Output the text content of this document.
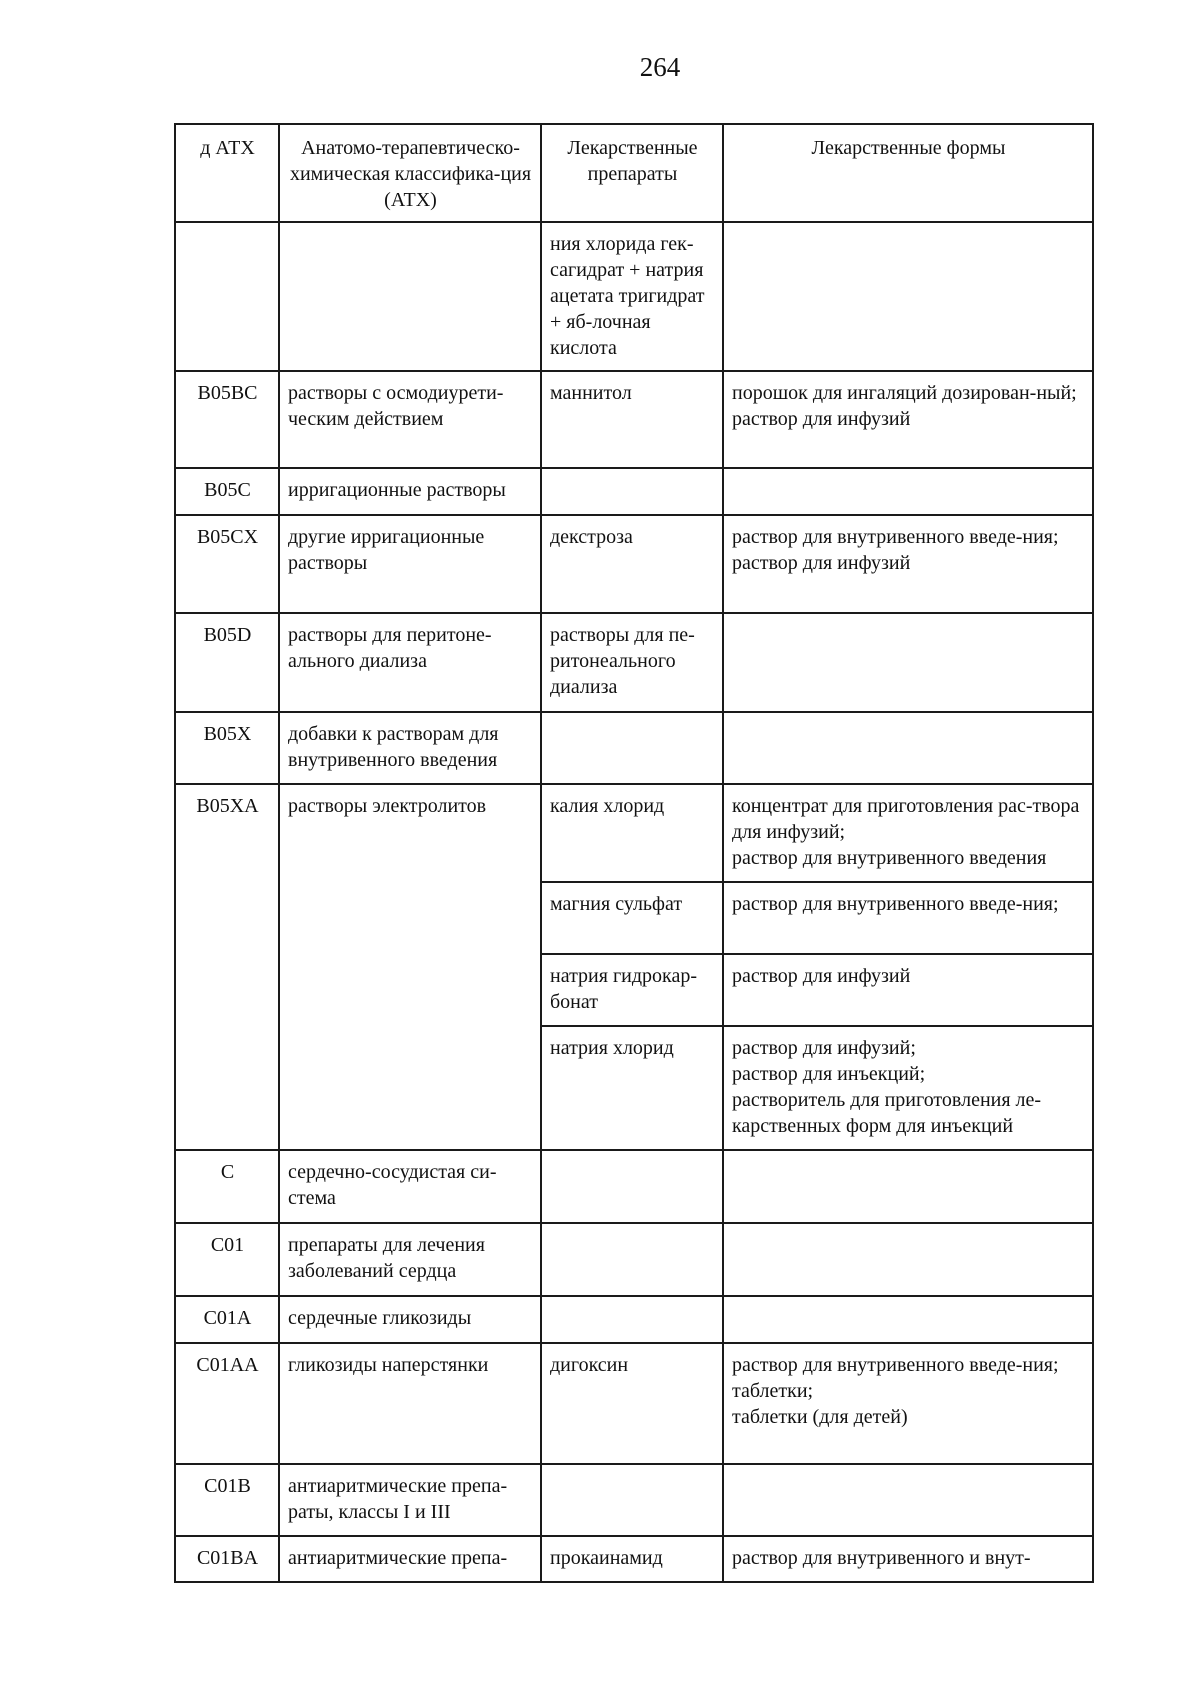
264
д АТХ	Анатомо-терапевтическо-химическая классифика-ция (АТХ)	Лекарственные препараты	Лекарственные формы
		ния хлорида гек-сагидрат + натрия ацетата тригидрат + яб-лочная кислота	
B05BC	растворы с осмодиурети-ческим действием	маннитол	порошок для ингаляций дозирован-ный;
раствор для инфузий

B05C	ирригационные растворы		
B05CX	другие ирригационные растворы	декстроза	раствор для внутривенного введе-ния;
раствор для инфузий

B05D	растворы для перитоне-ального диализа	растворы для пе-ритонеального диализа	
B05X	добавки к растворам для внутривенного введения		
B05XA	растворы электролитов	калия хлорид	концентрат для приготовления рас-твора для инфузий;
раствор для внутривенного введения

		магния сульфат	раствор для внутривенного введе-ния;

		натрия гидрокар-бонат	раствор для инфузий

		натрия хлорид	раствор для инфузий;
раствор для инъекций;
растворитель для приготовления ле-карственных форм для инъекций

C	сердечно-сосудистая си-стема		
C01	препараты для лечения заболеваний сердца		
C01A	сердечные гликозиды		
C01AA	гликозиды наперстянки	дигоксин	раствор для внутривенного введе-ния;
таблетки;
таблетки (для детей)

C01B	антиаритмические препа-раты, классы I и III		
C01BA	антиаритмические препа-	прокаинамид	раствор для внутривенного и внут-
